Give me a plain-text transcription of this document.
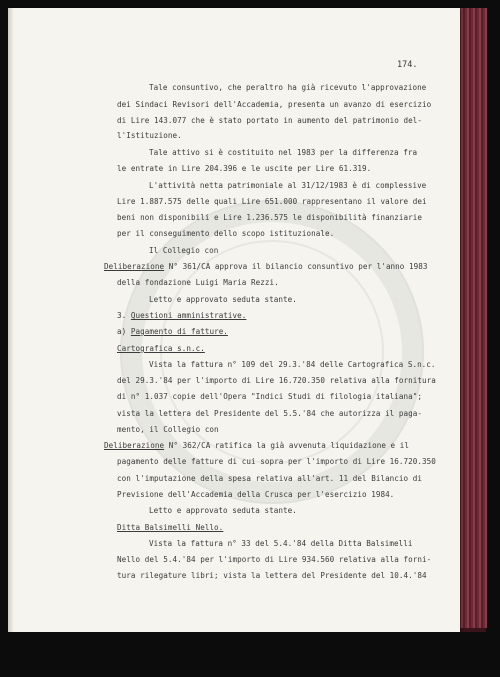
174.
Tale consuntivo, che peraltro ha già ricevuto l'approvazione
dei Sindaci Revisori dell'Accademia, presenta un avanzo di esercizio
di Lire 143.077 che è stato portato in aumento del patrimonio del-
l'Istituzione.
Tale attivo si è costituito nel 1983 per la differenza fra
le entrate in Lire 204.396 e le uscite per Lire 61.319.
L'attività netta patrimoniale al 31/12/1983 è di complessive
Lire 1.887.575 delle quali Lire 651.000 rappresentano il valore dei
beni non disponibili e Lire 1.236.575 le disponibilità finanziarie
per il conseguimento dello scopo istituzionale.
Il Collegio con
Deliberazione N° 361/CA approva il bilancio consuntivo per l'anno 1983
della fondazione Luigi Maria Rezzi.
Letto e approvato seduta stante.
3. Questioni amministrative.
a) Pagamento di fatture.
Cartografica s.n.c.
Vista la fattura n° 109 del 29.3.'84 delle Cartografica S.n.c.
del 29.3.'84 per l'importo di Lire 16.720.350 relativa alla fornitura
di n° 1.037 copie dell'Opera "Indici Studi di filologia italiana";
vista la lettera del Presidente del 5.5.'84 che autorizza il paga-
mento, il Collegio con
Deliberazione N° 362/CA ratifica la già avvenuta liquidazione e il
pagamento delle fatture di cui sopra per l'importo di Lire 16.720.350
con l'imputazione della spesa relativa all'art. 11 del Bilancio di
Previsione dell'Accademia della Crusca per l'esercizio 1984.
Letto e approvato seduta stante.
Ditta Balsimelli Nello.
Vista la fattura n° 33 del 5.4.'84 della Ditta Balsimelli
Nello del 5.4.'84 per l'importo di Lire 934.560 relativa alla forni-
tura rilegature libri; vista la lettera del Presidente del 10.4.'84
